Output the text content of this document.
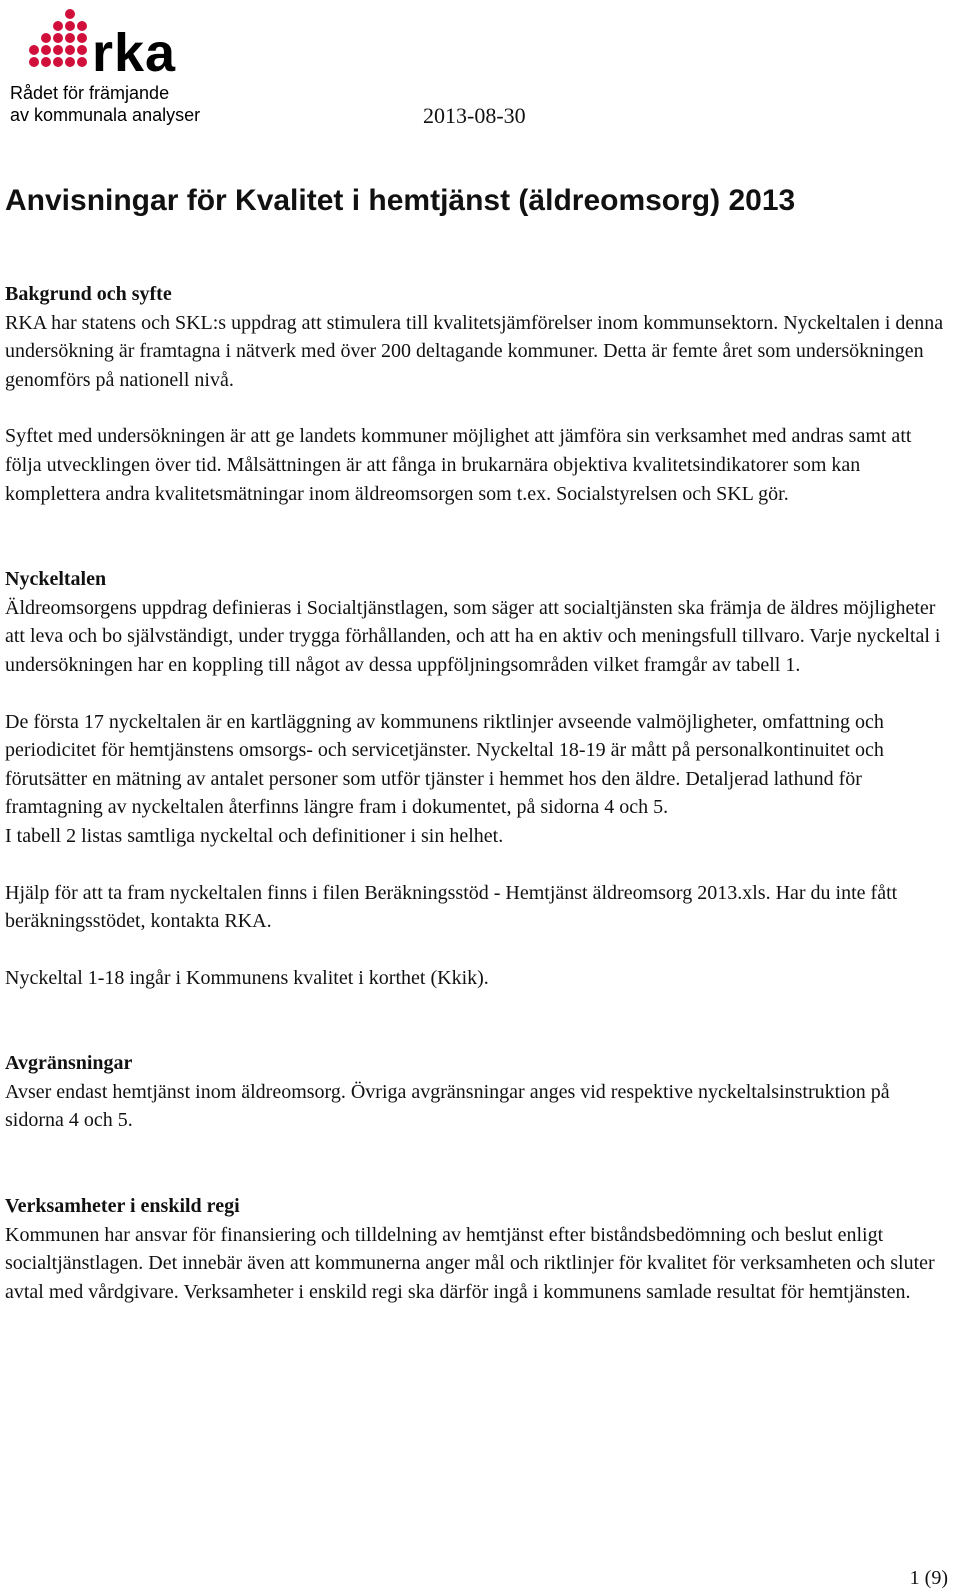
rka
Rådet för främjande
av kommunala analyser	2013-08-30
Anvisningar för Kvalitet i hemtjänst (äldreomsorg) 2013
Bakgrund och syfte

RKA har statens och SKL:s uppdrag att stimulera till kvalitetsjämförelser inom kommunsektorn. Nyckeltalen i denna undersökning är framtagna i nätverk med över 200 deltagande kommuner. Detta är femte året som undersökningen genomförs på nationell nivå.

Syftet med undersökningen är att ge landets kommuner möjlighet att jämföra sin verksamhet med andras samt att följa utvecklingen över tid. Målsättningen är att fånga in brukarnära objektiva kvalitetsindikatorer som kan komplettera andra kvalitetsmätningar inom äldreomsorgen som t.ex. Socialstyrelsen och SKL gör.

Nyckeltalen

Äldreomsorgens uppdrag definieras i Socialtjänstlagen, som säger att socialtjänsten ska främja de äldres möjligheter att leva och bo självständigt, under trygga förhållanden, och att ha en aktiv och meningsfull tillvaro. Varje nyckeltal i undersökningen har en koppling till något av dessa uppföljningsområden vilket framgår av tabell 1.

De första 17 nyckeltalen är en kartläggning av kommunens riktlinjer avseende valmöjligheter, omfattning och periodicitet för hemtjänstens omsorgs- och servicetjänster. Nyckeltal 18-19 är mått på personalkontinuitet och förutsätter en mätning av antalet personer som utför tjänster i hemmet hos den äldre. Detaljerad lathund för framtagning av nyckeltalen återfinns längre fram i dokumentet, på sidorna 4 och 5.

I tabell 2 listas samtliga nyckeltal och definitioner i sin helhet.

Hjälp för att ta fram nyckeltalen finns i filen Beräkningsstöd - Hemtjänst äldreomsorg 2013.xls. Har du inte fått beräkningsstödet, kontakta RKA.

Nyckeltal 1-18 ingår i Kommunens kvalitet i korthet (Kkik).

Avgränsningar

Avser endast hemtjänst inom äldreomsorg. Övriga avgränsningar anges vid respektive nyckeltalsinstruktion på sidorna 4 och 5.

Verksamheter i enskild regi

Kommunen har ansvar för finansiering och tilldelning av hemtjänst efter biståndsbedömning och beslut enligt socialtjänstlagen. Det innebär även att kommunerna anger mål och riktlinjer för kvalitet för verksamheten och sluter avtal med vårdgivare. Verksamheter i enskild regi ska därför ingå i kommunens samlade resultat för hemtjänsten.

1 (9)
